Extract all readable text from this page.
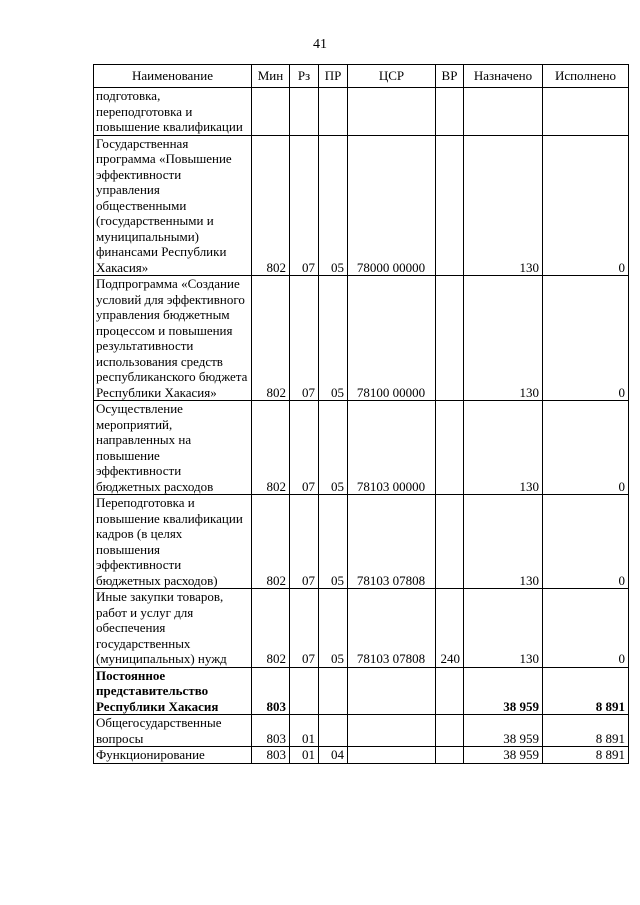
41
Наименование	Мин	Рз	ПР	ЦСР	ВР	Назначено	Исполнено
подготовка, переподготовка и повышение квалификации							
Государственная программа «Повышение эффективности управления общественными (государственными и муниципальными) финансами Республики Хакасия»	802	07	05	78000 00000		130	0
Подпрограмма «Создание условий для эффективного управления бюджетным процессом и повышения результативности использования средств республиканского бюджета Республики Хакасия»	802	07	05	78100 00000		130	0
Осуществление мероприятий, направленных на повышение эффективности бюджетных расходов	802	07	05	78103 00000		130	0
Переподготовка и повышение квалификации кадров (в целях повышения эффективности бюджетных расходов)	802	07	05	78103 07808		130	0
Иные закупки товаров, работ и услуг для обеспечения государственных (муниципальных) нужд	802	07	05	78103 07808	240	130	0
Постоянное представительство Республики Хакасия	803					38 959	8 891
Общегосударственные вопросы	803	01				38 959	8 891
Функционирование	803	01	04			38 959	8 891
